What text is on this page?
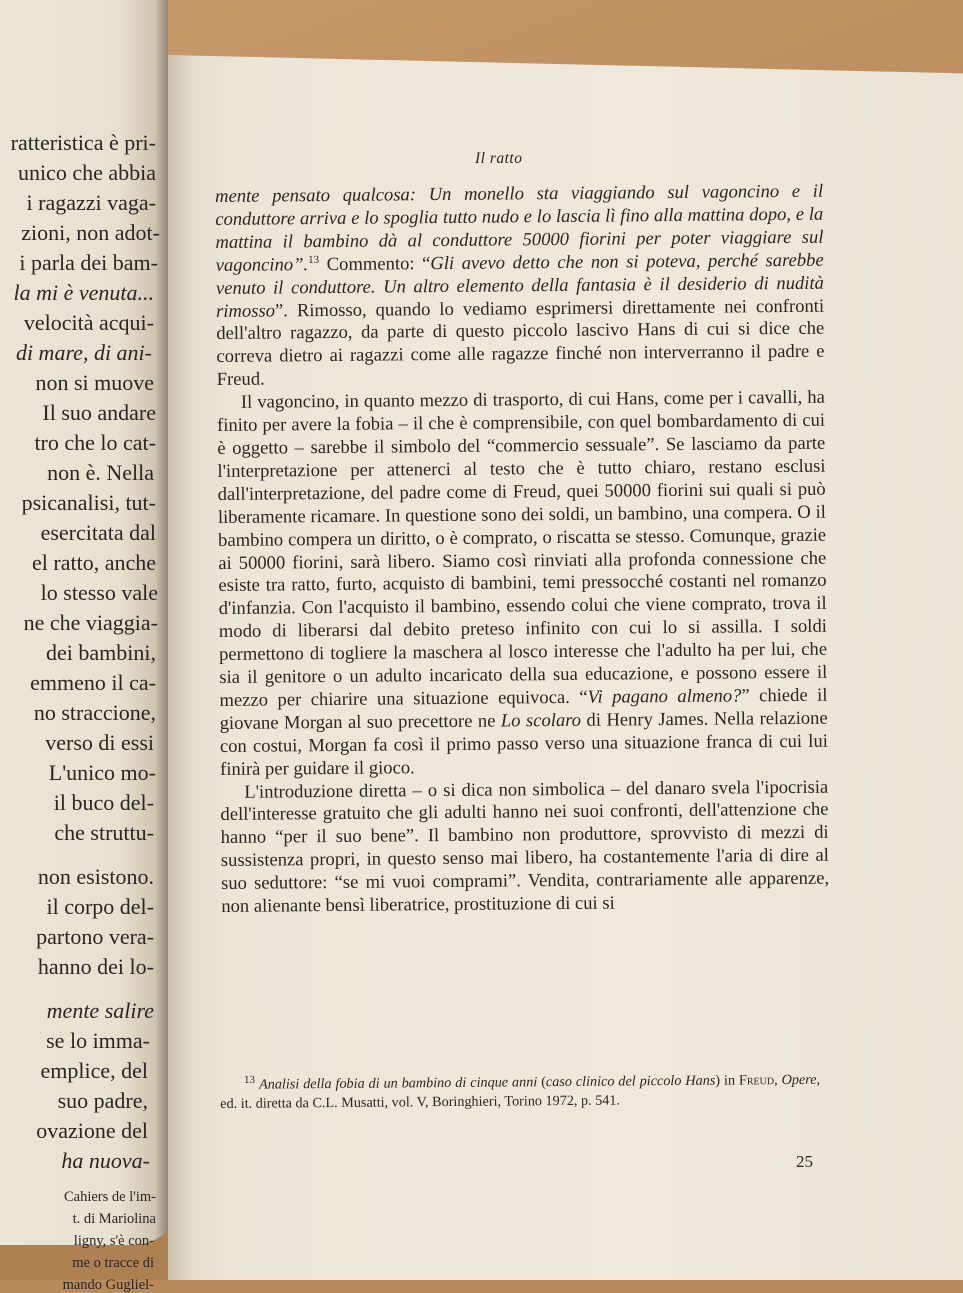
ratteristica è pri-
unico che abbia
i ragazzi vaga-
zioni, non adot-
i parla dei bam-
la mi è venuta...
velocità acqui-
di mare, di ani-
non si muove
Il suo andare
tro che lo cat-
non è. Nella
psicanalisi, tut-
esercitata dal
el ratto, anche
lo stesso vale
ne che viaggia-
dei bambini,
emmeno il ca-
no straccione,
verso di essi
L'unico mo-
il buco del-
che struttu-
non esistono.
il corpo del-
partono vera-
hanno dei lo-
mente salire
se lo imma-
emplice, del
suo padre,
ovazione del
ha nuova-
Cahiers de l'im-
t. di Mariolina
ligny, s'è con-
me o tracce di
mando Gugliel-
Il ratto

mente pensato qualcosa: Un monello sta viaggiando sul vagoncino e il conduttore arriva e lo spoglia tutto nudo e lo lascia lì fino alla mattina dopo, e la mattina il bambino dà al conduttore 50000 fiorini per poter viaggiare sul vagoncino”.$^{13}$ Commento: “Gli avevo detto che non si poteva, perché sarebbe venuto il conduttore. Un altro elemento della fantasia è il desiderio di nudità rimosso”. Rimosso, quando lo vediamo esprimersi direttamente nei confronti dell'altro ragazzo, da parte di questo piccolo lascivo Hans di cui si dice che correva dietro ai ragazzi come alle ragazze finché non interverranno il padre e Freud.

Il vagoncino, in quanto mezzo di trasporto, di cui Hans, come per i cavalli, ha finito per avere la fobia – il che è comprensibile, con quel bombardamento di cui è oggetto – sarebbe il simbolo del “commercio sessuale”. Se lasciamo da parte l'interpretazione per attenerci al testo che è tutto chiaro, restano esclusi dall'interpretazione, del padre come di Freud, quei 50000 fiorini sui quali si può liberamente ricamare. In questione sono dei soldi, un bambino, una compera. O il bambino compera un diritto, o è comprato, o riscatta se stesso. Comunque, grazie ai 50000 fiorini, sarà libero. Siamo così rinviati alla profonda connessione che esiste tra ratto, furto, acquisto di bambini, temi pressocché costanti nel romanzo d'infanzia. Con l'acquisto il bambino, essendo colui che viene comprato, trova il modo di liberarsi dal debito preteso infinito con cui lo si assilla. I soldi permettono di togliere la maschera al losco interesse che l'adulto ha per lui, che sia il genitore o un adulto incaricato della sua educazione, e possono essere il mezzo per chiarire una situazione equivoca. “Vi pagano almeno?” chiede il giovane Morgan al suo precettore ne Lo scolaro di Henry James. Nella relazione con costui, Morgan fa così il primo passo verso una situazione franca di cui lui finirà per guidare il gioco.

L'introduzione diretta – o si dica non simbolica – del danaro svela l'ipocrisia dell'interesse gratuito che gli adulti hanno nei suoi confronti, dell'attenzione che hanno “per il suo bene”. Il bambino non produttore, sprovvisto di mezzi di sussistenza propri, in questo senso mai libero, ha costantemente l'aria di dire al suo seduttore: “se mi vuoi comprami”. Vendita, contrariamente alle apparenze, non alienante bensì liberatrice, prostituzione di cui si

$^{13}$ Analisi della fobia di un bambino di cinque anni (caso clinico del piccolo Hans) in Freud, Opere, ed. it. diretta da C.L. Musatti, vol. V, Boringhieri, Torino 1972, p. 541.

25
